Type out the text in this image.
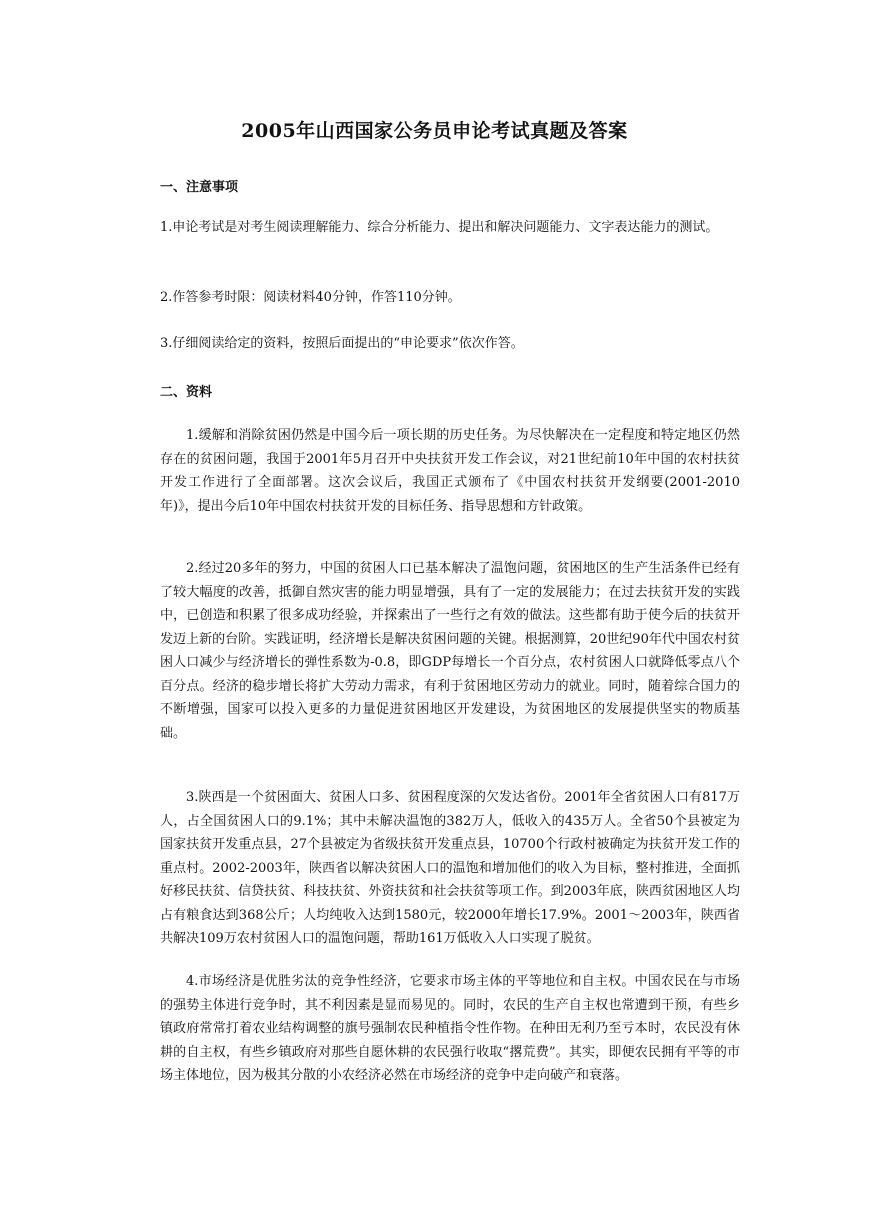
2005年山西国家公务员申论考试真题及答案
一、注意事项
1.申论考试是对考生阅读理解能力、综合分析能力、提出和解决问题能力、文字表达能力的测试。
2.作答参考时限：阅读材料40分钟，作答110分钟。
3.仔细阅读给定的资料，按照后面提出的“申论要求”依次作答。
二、资料
1.缓解和消除贫困仍然是中国今后一项长期的历史任务。为尽快解决在一定程度和特定地区仍然存在的贫困问题，我国于2001年5月召开中央扶贫开发工作会议，对21世纪前10年中国的农村扶贫开发工作进行了全面部署。这次会议后，我国正式颁布了《中国农村扶贫开发纲要(2001-2010年)》，提出今后10年中国农村扶贫开发的目标任务、指导思想和方针政策。
2.经过20多年的努力，中国的贫困人口已基本解决了温饱问题，贫困地区的生产生活条件已经有了较大幅度的改善，抵御自然灾害的能力明显增强，具有了一定的发展能力；在过去扶贫开发的实践中，已创造和积累了很多成功经验，并探索出了一些行之有效的做法。这些都有助于使今后的扶贫开发迈上新的台阶。实践证明，经济增长是解决贫困问题的关键。根据测算，20世纪90年代中国农村贫困人口减少与经济增长的弹性系数为-0.8，即GDP每增长一个百分点，农村贫困人口就降低零点八个百分点。经济的稳步增长将扩大劳动力需求，有利于贫困地区劳动力的就业。同时，随着综合国力的不断增强，国家可以投入更多的力量促进贫困地区开发建设，为贫困地区的发展提供坚实的物质基础。
3.陕西是一个贫困面大、贫困人口多、贫困程度深的欠发达省份。2001年全省贫困人口有817万人，占全国贫困人口的9.1%；其中未解决温饱的382万人，低收入的435万人。全省50个县被定为国家扶贫开发重点县，27个县被定为省级扶贫开发重点县，10700个行政村被确定为扶贫开发工作的重点村。2002-2003年，陕西省以解决贫困人口的温饱和增加他们的收入为目标，整村推进，全面抓好移民扶贫、信贷扶贫、科技扶贫、外资扶贫和社会扶贫等项工作。到2003年底，陕西贫困地区人均占有粮食达到368公斤；人均纯收入达到1580元，较2000年增长17.9%。2001～2003年，陕西省共解决109万农村贫困人口的温饱问题，帮助161万低收入人口实现了脱贫。
4.市场经济是优胜劣汰的竞争性经济，它要求市场主体的平等地位和自主权。中国农民在与市场的强势主体进行竞争时，其不利因素是显而易见的。同时，农民的生产自主权也常遭到干预，有些乡镇政府常常打着农业结构调整的旗号强制农民种植指令性作物。在种田无利乃至亏本时，农民没有休耕的自主权，有些乡镇政府对那些自愿休耕的农民强行收取“撂荒费”。其实，即便农民拥有平等的市场主体地位，因为极其分散的小农经济必然在市场经济的竞争中走向破产和衰落。
